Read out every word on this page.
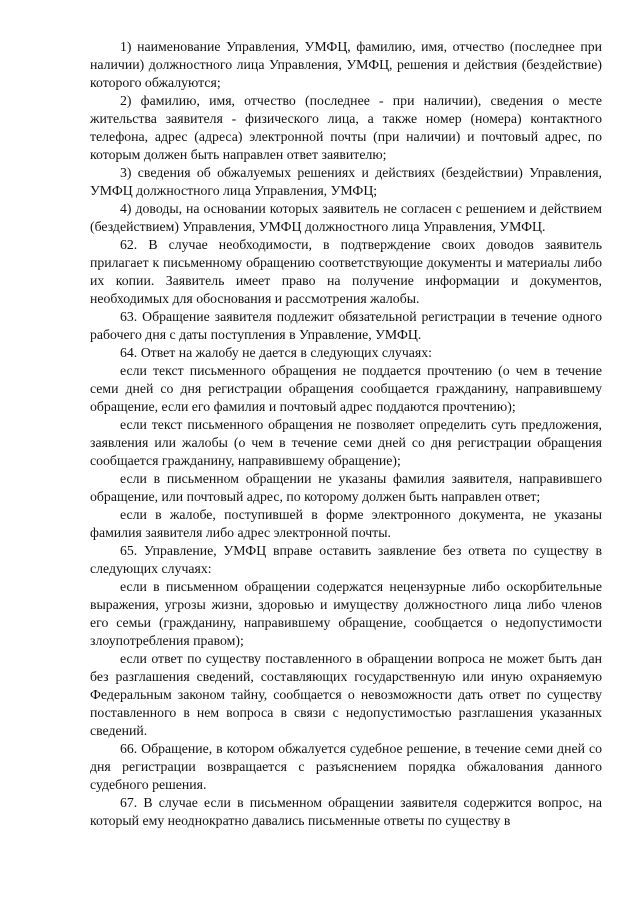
1) наименование Управления, УМФЦ, фамилию, имя, отчество (последнее при наличии) должностного лица Управления, УМФЦ, решения и действия (бездействие) которого обжалуются;

2) фамилию, имя, отчество (последнее - при наличии), сведения о месте жительства заявителя - физического лица, а также номер (номера) контактного телефона, адрес (адреса) электронной почты (при наличии) и почтовый адрес, по которым должен быть направлен ответ заявителю;

3) сведения об обжалуемых решениях и действиях (бездействии) Управления, УМФЦ должностного лица Управления, УМФЦ;

4) доводы, на основании которых заявитель не согласен с решением и действием (бездействием) Управления, УМФЦ должностного лица Управления, УМФЦ.

62. В случае необходимости, в подтверждение своих доводов заявитель прилагает к письменному обращению соответствующие документы и материалы либо их копии. Заявитель имеет право на получение информации и документов, необходимых для обоснования и рассмотрения жалобы.

63. Обращение заявителя подлежит обязательной регистрации в течение одного рабочего дня с даты поступления в Управление, УМФЦ.

64. Ответ на жалобу не дается в следующих случаях:

если текст письменного обращения не поддается прочтению (о чем в течение семи дней со дня регистрации обращения сообщается гражданину, направившему обращение, если его фамилия и почтовый адрес поддаются прочтению);

если текст письменного обращения не позволяет определить суть предложения, заявления или жалобы (о чем в течение семи дней со дня регистрации обращения сообщается гражданину, направившему обращение);

если в письменном обращении не указаны фамилия заявителя, направившего обращение, или почтовый адрес, по которому должен быть направлен ответ;

если в жалобе, поступившей в форме электронного документа, не указаны фамилия заявителя либо адрес электронной почты.

65. Управление, УМФЦ вправе оставить заявление без ответа по существу в следующих случаях:

если в письменном обращении содержатся нецензурные либо оскорбительные выражения, угрозы жизни, здоровью и имуществу должностного лица либо членов его семьи (гражданину, направившему обращение, сообщается о недопустимости злоупотребления правом);

если ответ по существу поставленного в обращении вопроса не может быть дан без разглашения сведений, составляющих государственную или иную охраняемую Федеральным законом тайну, сообщается о невозможности дать ответ по существу поставленного в нем вопроса в связи с недопустимостью разглашения указанных сведений.

66. Обращение, в котором обжалуется судебное решение, в течение семи дней со дня регистрации возвращается с разъяснением порядка обжалования данного судебного решения.

67. В случае если в письменном обращении заявителя содержится вопрос, на который ему неоднократно давались письменные ответы по существу в
